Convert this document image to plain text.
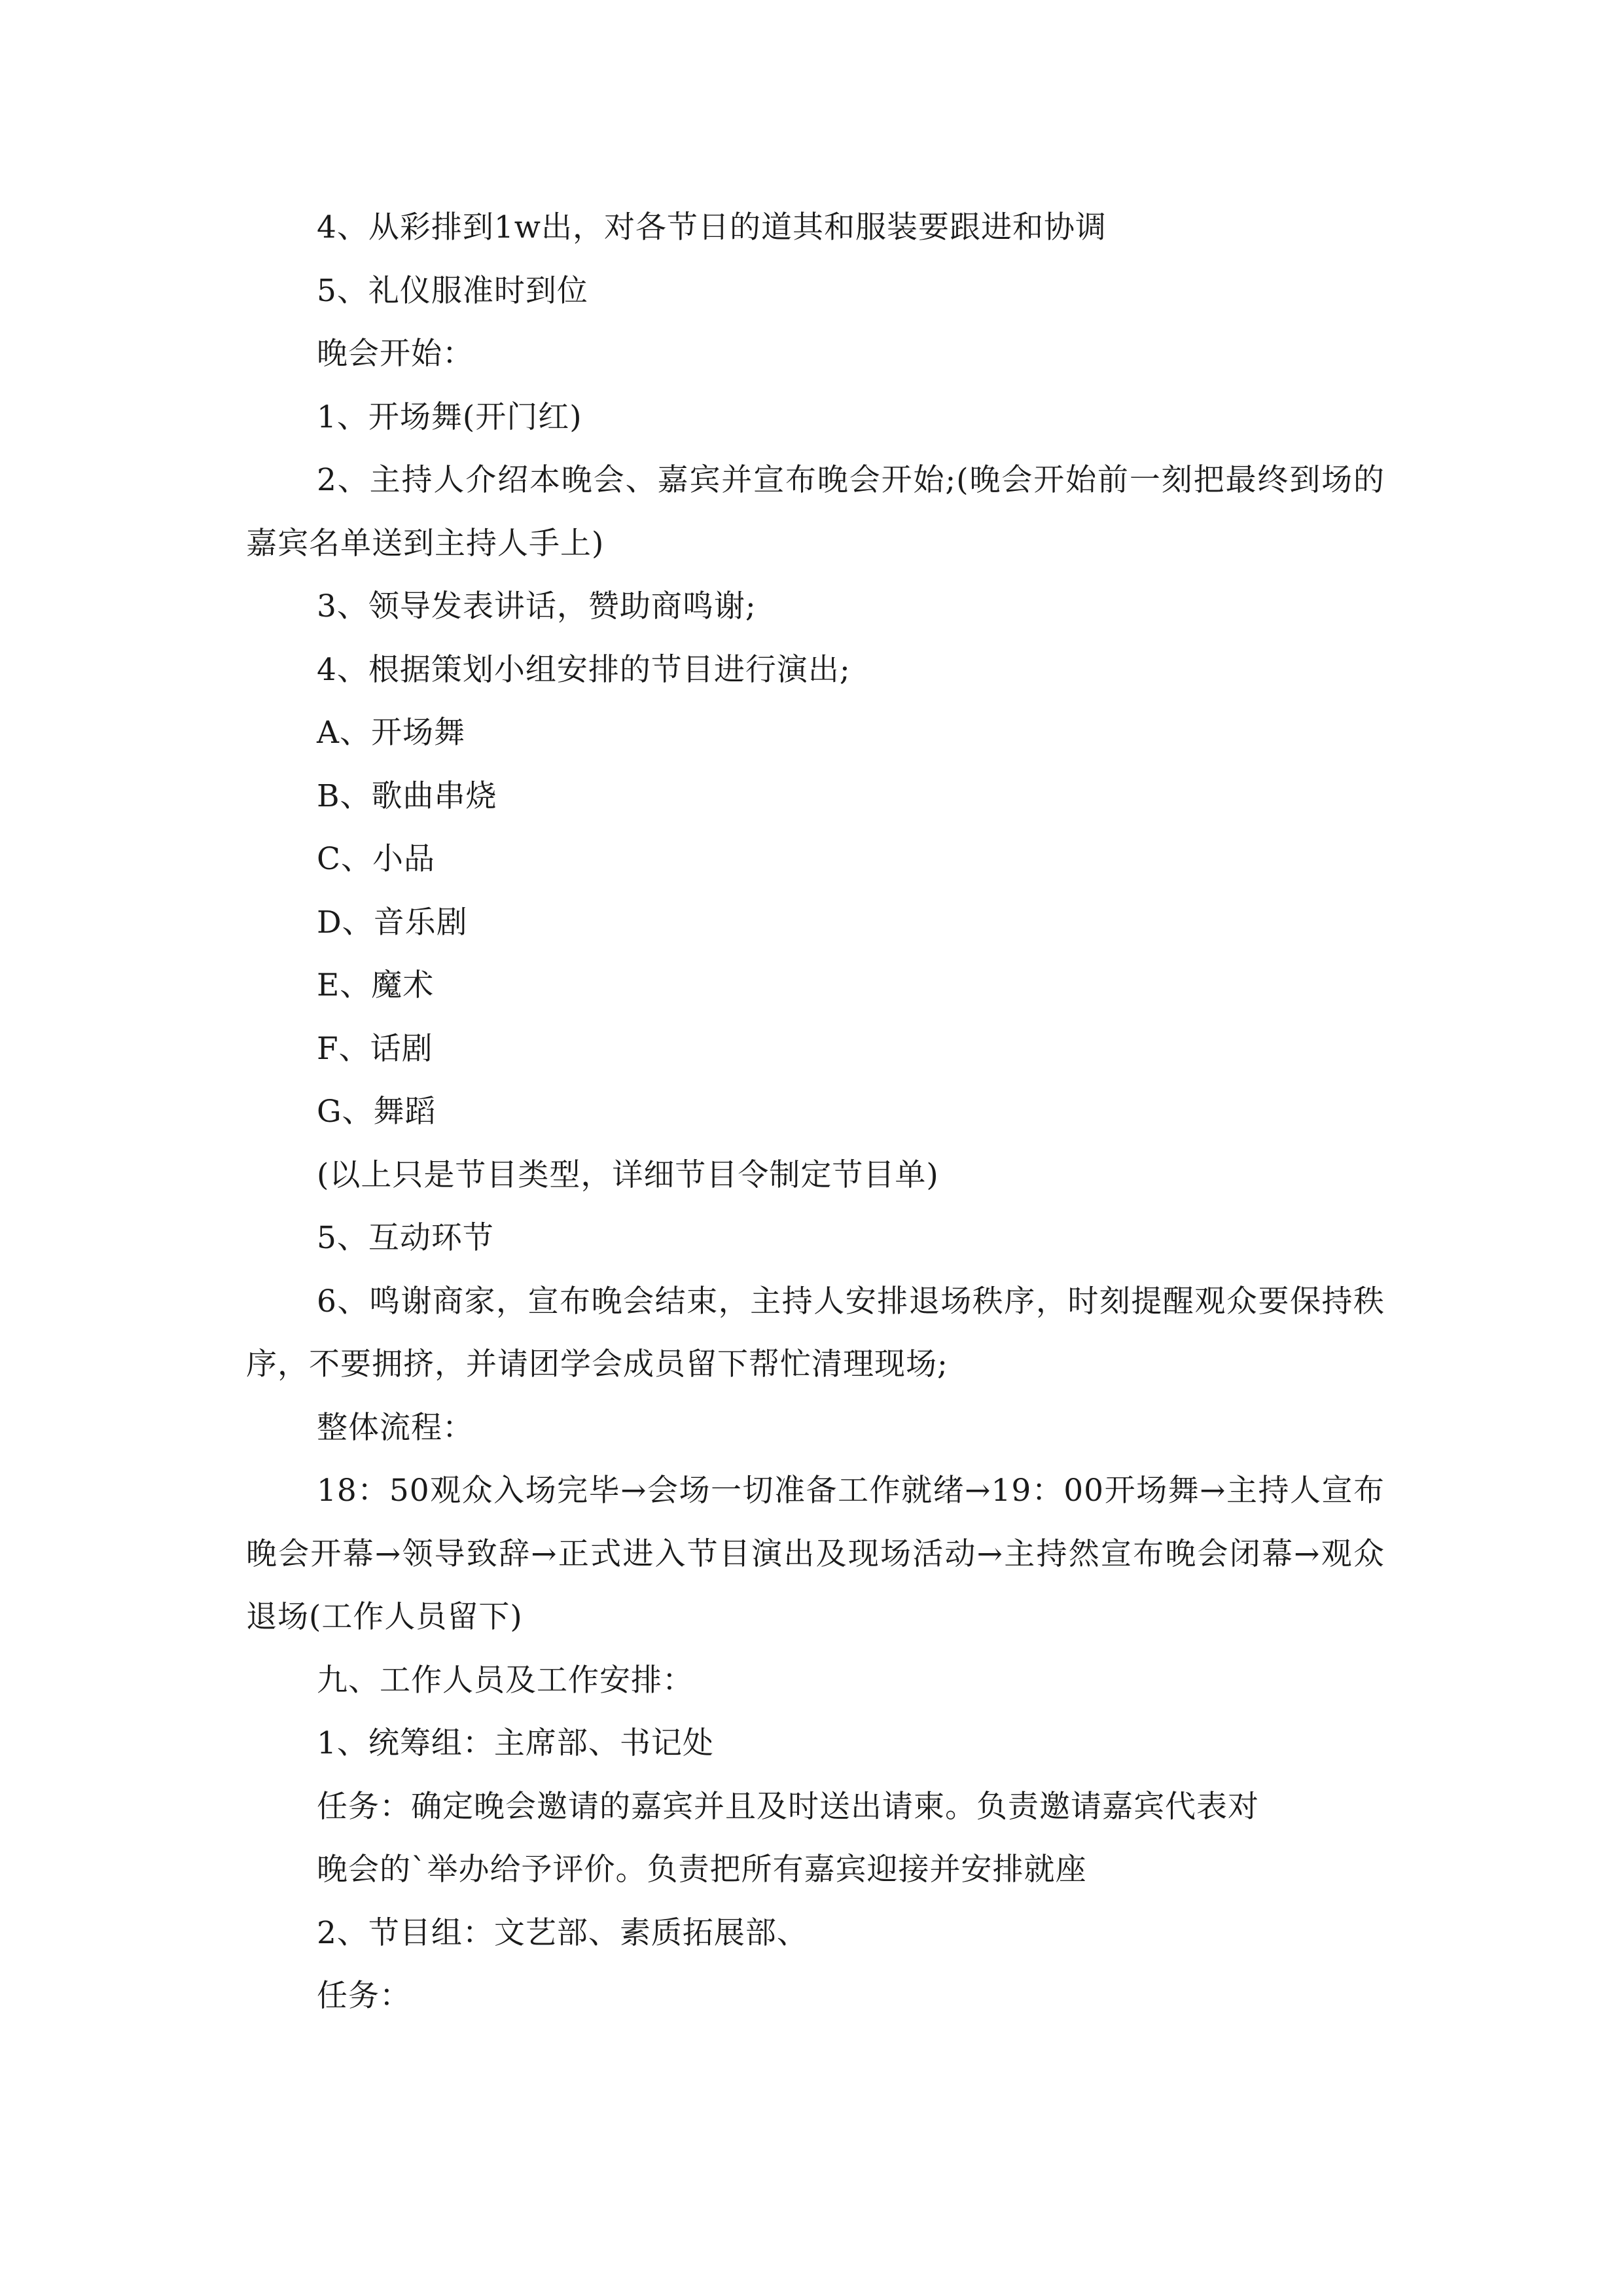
4、从彩排到1w出，对各节日的道其和服装要跟进和协调

5、礼仪服准时到位

晚会开始：

1、开场舞(开门红)

2、主持人介绍本晚会、嘉宾并宣布晚会开始;(晚会开始前一刻把最终到场的嘉宾名单送到主持人手上)

3、领导发表讲话，赞助商鸣谢;

4、根据策划小组安排的节目进行演出;

A、开场舞

B、歌曲串烧

C、小品

D、音乐剧

E、魔术

F、话剧

G、舞蹈

(以上只是节目类型，详细节目令制定节目单)

5、互动环节

6、鸣谢商家，宣布晚会结束，主持人安排退场秩序，时刻提醒观众要保持秩序，不要拥挤，并请团学会成员留下帮忙清理现场;

整体流程：

18：50观众入场完毕→会场一切准备工作就绪→19：00开场舞→主持人宣布晚会开幕→领导致辞→正式进入节目演出及现场活动→主持然宣布晚会闭幕→观众退场(工作人员留下)

九、工作人员及工作安排：

1、统筹组：主席部、书记处

任务：确定晚会邀请的嘉宾并且及时送出请柬。负责邀请嘉宾代表对

晚会的`举办给予评价。负责把所有嘉宾迎接并安排就座

2、节目组：文艺部、素质拓展部、

任务：
